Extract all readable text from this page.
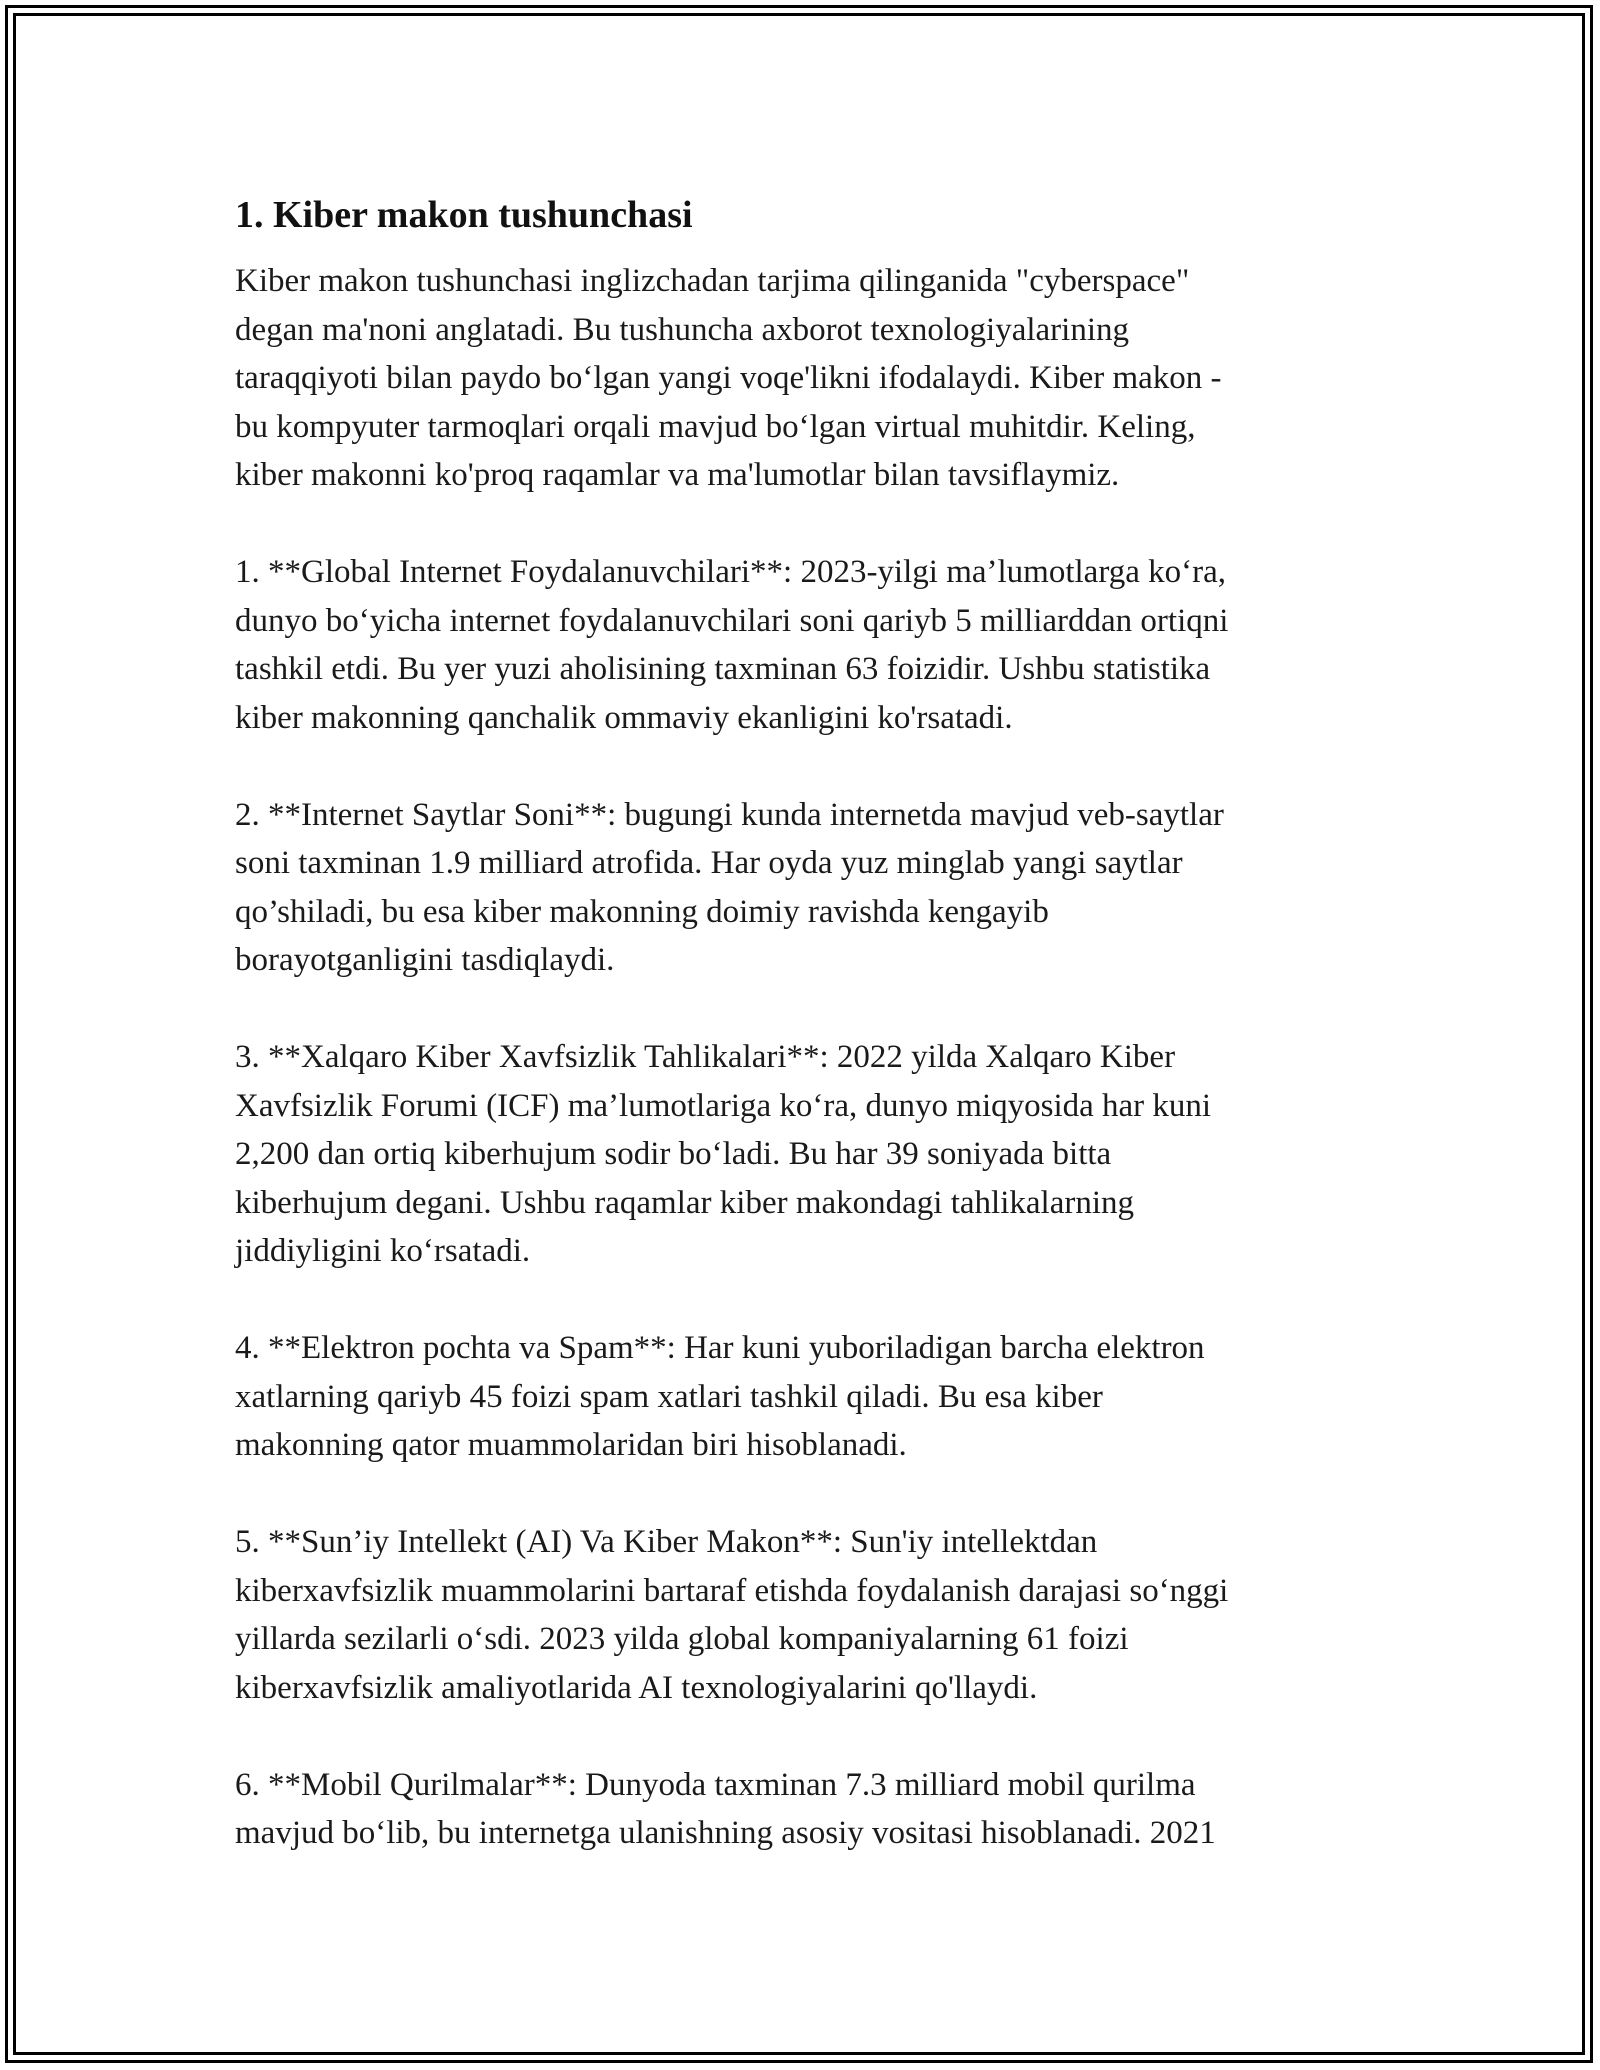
1. Kiber makon tushunchasi

Kiber makon tushunchasi inglizchadan tarjima qilinganida "cyberspace"
degan ma'noni anglatadi. Bu tushuncha axborot texnologiyalarining
taraqqiyoti bilan paydo bo‘lgan yangi voqe'likni ifodalaydi. Kiber makon -
bu kompyuter tarmoqlari orqali mavjud bo‘lgan virtual muhitdir. Keling,
kiber makonni ko'proq raqamlar va ma'lumotlar bilan tavsiflaymiz.

1. **Global Internet Foydalanuvchilari**: 2023-yilgi ma’lumotlarga ko‘ra,
dunyo bo‘yicha internet foydalanuvchilari soni qariyb 5 milliarddan ortiqni
tashkil etdi. Bu yer yuzi aholisining taxminan 63 foizidir. Ushbu statistika
kiber makonning qanchalik ommaviy ekanligini ko'rsatadi.

2. **Internet Saytlar Soni**: bugungi kunda internetda mavjud veb-saytlar
soni taxminan 1.9 milliard atrofida. Har oyda yuz minglab yangi saytlar
qo’shiladi, bu esa kiber makonning doimiy ravishda kengayib
borayotganligini tasdiqlaydi.

3. **Xalqaro Kiber Xavfsizlik Tahlikalari**: 2022 yilda Xalqaro Kiber
Xavfsizlik Forumi (ICF) ma’lumotlariga ko‘ra, dunyo miqyosida har kuni
2,200 dan ortiq kiberhujum sodir bo‘ladi. Bu har 39 soniyada bitta
kiberhujum degani. Ushbu raqamlar kiber makondagi tahlikalarning
jiddiyligini ko‘rsatadi.

4. **Elektron pochta va Spam**: Har kuni yuboriladigan barcha elektron
xatlarning qariyb 45 foizi spam xatlari tashkil qiladi. Bu esa kiber
makonning qator muammolaridan biri hisoblanadi.

5. **Sun’iy Intellekt (AI) Va Kiber Makon**: Sun'iy intellektdan
kiberxavfsizlik muammolarini bartaraf etishda foydalanish darajasi so‘nggi
yillarda sezilarli o‘sdi. 2023 yilda global kompaniyalarning 61 foizi
kiberxavfsizlik amaliyotlarida AI texnologiyalarini qo'llaydi.

6. **Mobil Qurilmalar**: Dunyoda taxminan 7.3 milliard mobil qurilma
mavjud bo‘lib, bu internetga ulanishning asosiy vositasi hisoblanadi. 2021
